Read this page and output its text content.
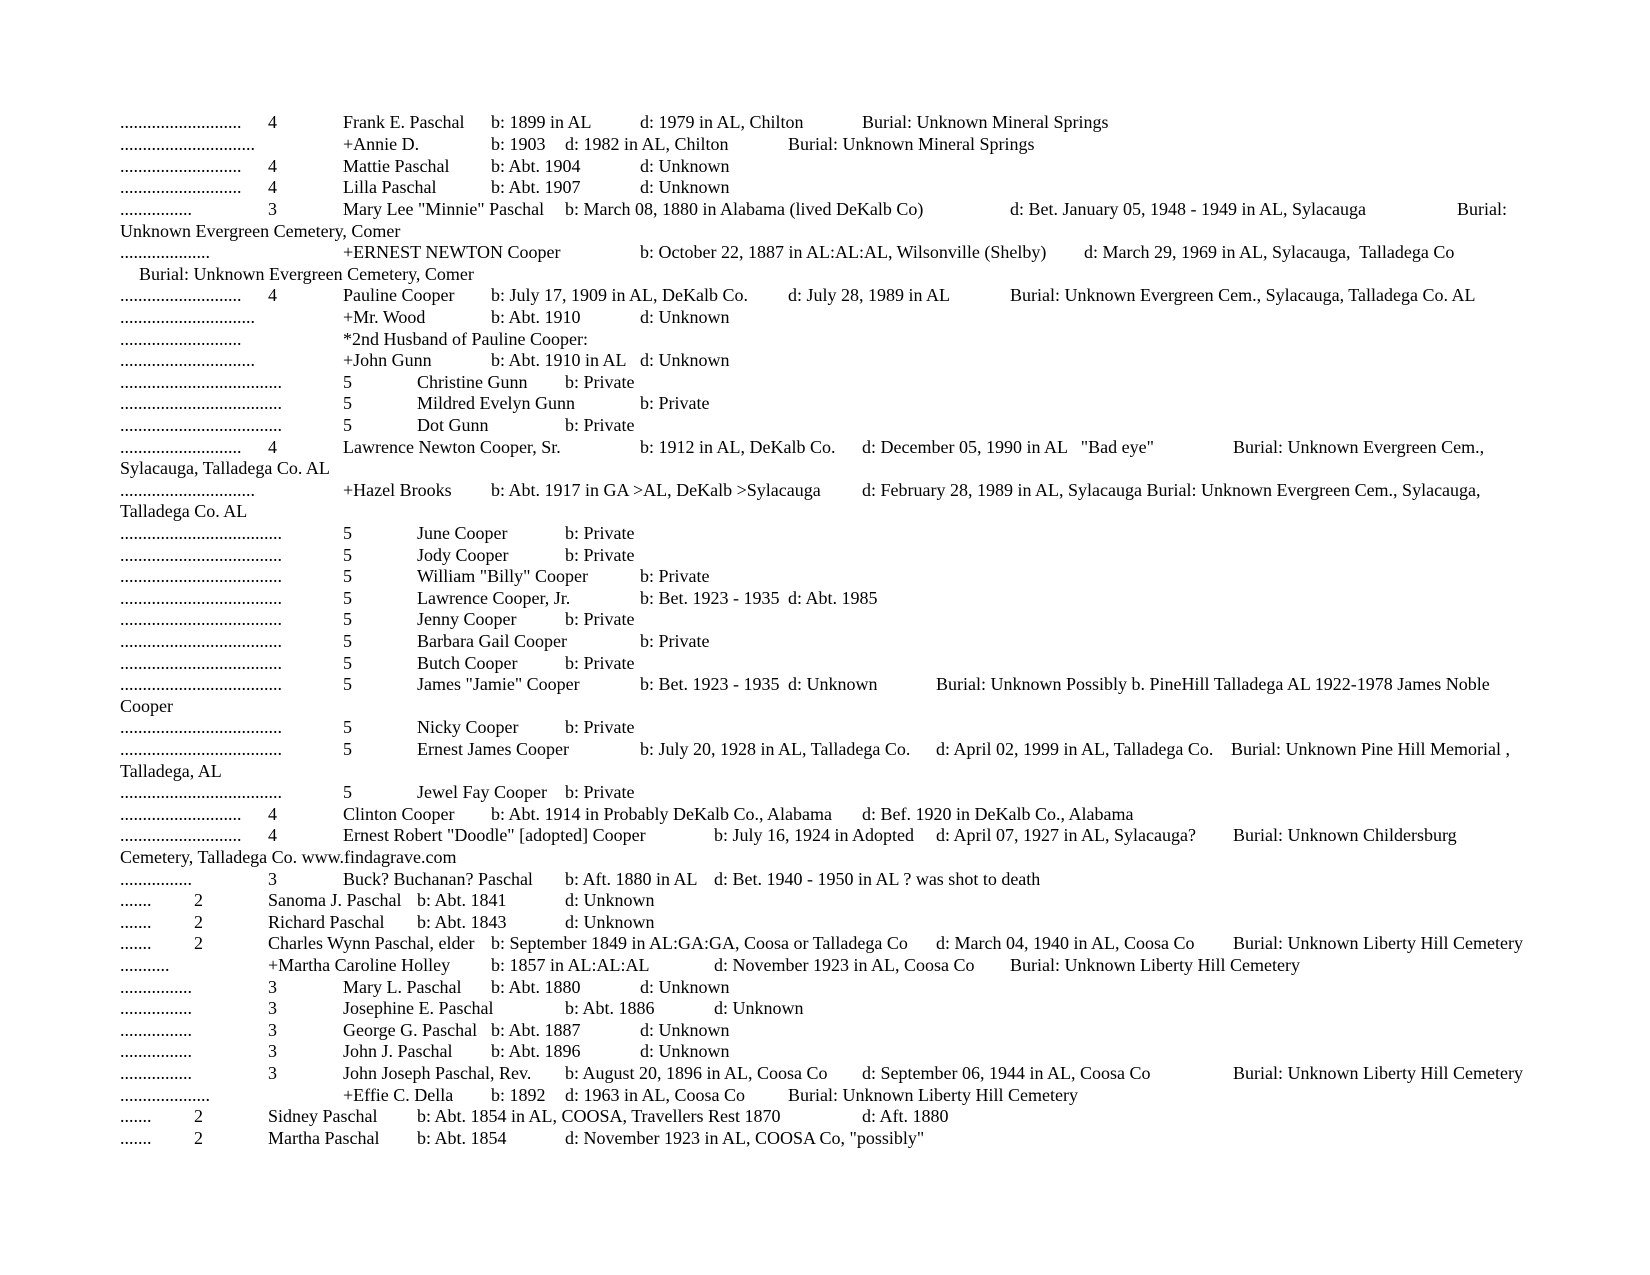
........................... 4	Frank E. Paschal b: 1899 in AL	d: 1979 in AL, Chilton	Burial: Unknown Mineral Springs
..............................	+Annie D.	b: 1903 d: 1982 in AL, Chilton	Burial: Unknown Mineral Springs
........................... 4	Mattie Paschal b: Abt. 1904	d: Unknown
........................... 4	Lilla Paschal	b: Abt. 1907	d: Unknown
................	3	Mary Lee "Minnie" Paschal b: March 08, 1880 in Alabama (lived DeKalb Co)	d: Bet. January 05, 1948 - 1949 in AL, Sylacauga	Burial:
Unknown Evergreen Cemetery, Comer
....................	+ERNEST NEWTON Cooper	b: October 22, 1887 in AL:AL:AL, Wilsonville (Shelby) d: March 29, 1969 in AL, Sylacauga,  Talladega Co
Burial: Unknown Evergreen Cemetery, Comer
........................... 4	Pauline Cooper b: July 17, 1909 in AL, DeKalb Co. d: July 28, 1989 in AL	Burial: Unknown Evergreen Cem., Sylacauga, Talladega Co. AL
..............................	+Mr. Wood	b: Abt. 1910	d: Unknown
...........................	*2nd Husband of Pauline Cooper:
..............................	+John Gunn	b: Abt. 1910 in AL d: Unknown
....................................	5	Christine Gunn b: Private
....................................	5	Mildred Evelyn Gunn	b: Private
....................................	5	Dot Gunn	b: Private
........................... 4	Lawrence Newton Cooper, Sr.	b: 1912 in AL, DeKalb Co. d: December 05, 1990 in AL   "Bad eye"	Burial: Unknown Evergreen Cem.,
Sylacauga, Talladega Co. AL
..............................	+Hazel Brooks b: Abt. 1917 in GA >AL, DeKalb >Sylacauga d: February 28, 1989 in AL, Sylacauga Burial: Unknown Evergreen Cem., Sylacauga,
Talladega Co. AL
....................................	5	June Cooper	b: Private
....................................	5	Jody Cooper	b: Private
....................................	5	William "Billy" Cooper	b: Private
....................................	5	Lawrence Cooper, Jr.	b: Bet. 1923 - 1935 d: Abt. 1985
....................................	5	Jenny Cooper	b: Private
....................................	5	Barbara Gail Cooper	b: Private
....................................	5	Butch Cooper	b: Private
....................................	5	James "Jamie" Cooper	b: Bet. 1923 - 1935 d: Unknown	Burial: Unknown Possibly b. PineHill Talladega AL 1922-1978 James Noble
Cooper
....................................	5	Nicky Cooper	b: Private
....................................	5	Ernest James Cooper	b: July 20, 1928 in AL, Talladega Co. d: April 02, 1999 in AL, Talladega Co. Burial: Unknown Pine Hill Memorial ,
Talladega, AL
....................................	5	Jewel Fay Cooper b: Private
........................... 4	Clinton Cooper b: Abt. 1914 in Probably DeKalb Co., Alabama d: Bef. 1920 in DeKalb Co., Alabama
........................... 4	Ernest Robert "Doodle" [adopted] Cooper	b: July 16, 1924 in Adopted d: April 07, 1927 in AL, Sylacauga? Burial: Unknown Childersburg
Cemetery, Talladega Co. www.findagrave.com
................	3	Buck? Buchanan? Paschal b: Aft. 1880 in AL d: Bet. 1940 - 1950 in AL ? was shot to death
....... 2	Sanoma J. Paschal b: Abt. 1841	d: Unknown
....... 2	Richard Paschal b: Abt. 1843	d: Unknown
....... 2	Charles Wynn Paschal, elder b: September 1849 in AL:GA:GA, Coosa or Talladega Co d: March 04, 1940 in AL, Coosa Co Burial: Unknown Liberty Hill Cemetery
...........	+Martha Caroline Holley b: 1857 in AL:AL:AL	d: November 1923 in AL, Coosa Co Burial: Unknown Liberty Hill Cemetery
................	3	Mary L. Paschal b: Abt. 1880	d: Unknown
................	3	Josephine E. Paschal	b: Abt. 1886	d: Unknown
................	3	George G. Paschal b: Abt. 1887	d: Unknown
................	3	John J. Paschal b: Abt. 1896	d: Unknown
................	3	John Joseph Paschal, Rev. b: August 20, 1896 in AL, Coosa Co d: September 06, 1944 in AL, Coosa Co	Burial: Unknown Liberty Hill Cemetery
....................	+Effie C. Della b: 1892 d: 1963 in AL, Coosa Co Burial: Unknown Liberty Hill Cemetery
....... 2	Sidney Paschal b: Abt. 1854 in AL, COOSA, Travellers Rest 1870	d: Aft. 1880
....... 2	Martha Paschal b: Abt. 1854	d: November 1923 in AL, COOSA Co, "possibly"
